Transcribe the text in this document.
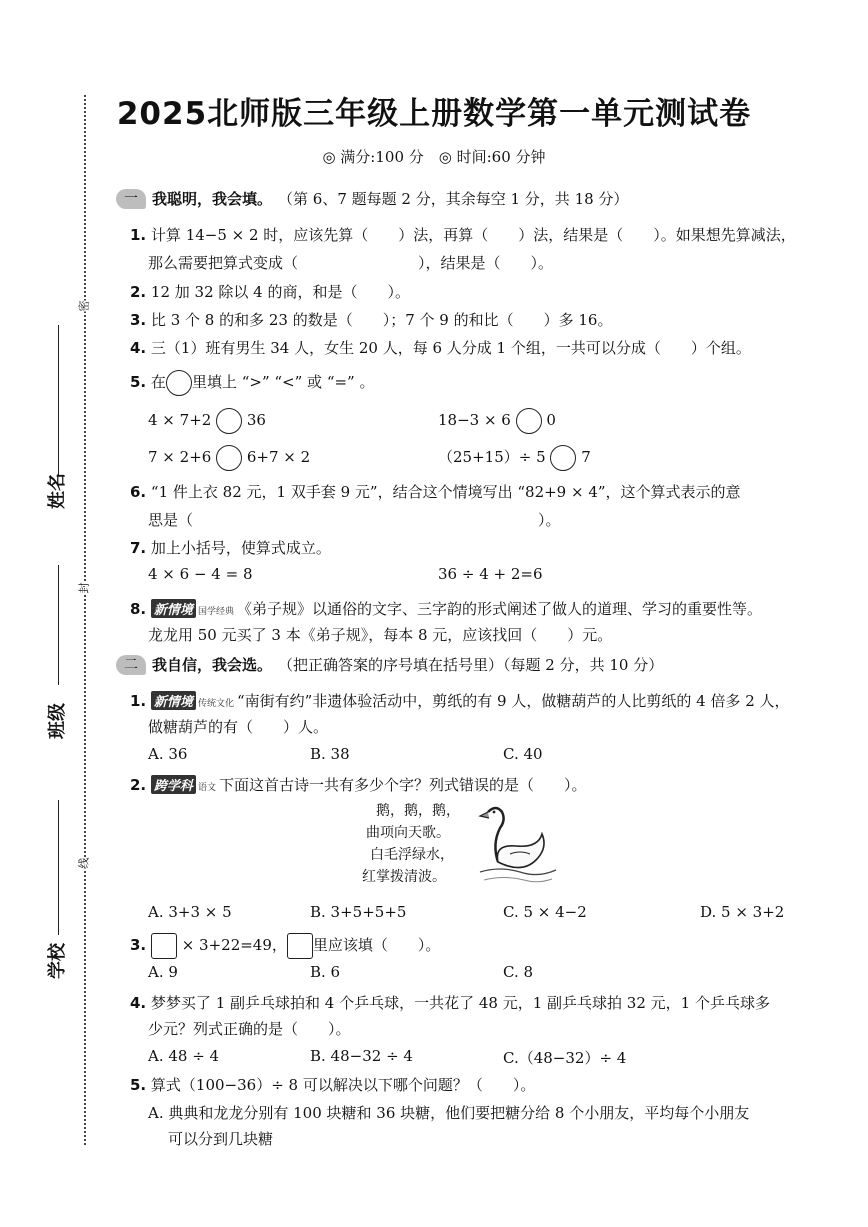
姓名
班级
学校
密
封
线
2025北师版三年级上册数学第一单元测试卷
◎ 满分:100 分　◎ 时间:60 分钟
一 我聪明，我会填。 （第 6、7 题每题 2 分，其余每空 1 分，共 18 分）
1. 计算 14−5 × 2 时，应该先算（　　）法，再算（　　）法，结果是（　　）。如果想先算减法，
那么需要把算式变成（　　　　　　　　），结果是（　　）。
2. 12 加 32 除以 4 的商，和是（　　）。
3. 比 3 个 8 的和多 23 的数是（　　）；7 个 9 的和比（　　）多 16。
4. 三（1）班有男生 34 人，女生 20 人，每 6 人分成 1 个组，一共可以分成（　　）个组。
5. 在 里填上 “>” “<” 或 “=” 。
4 × 7+2 36	18−3 × 6 0
7 × 2+6 6+7 × 2	（25+15）÷ 5 7
6. “1 件上衣 82 元，1 双手套 9 元”，结合这个情境写出 “82+9 × 4”，这个算式表示的意
思是（　　　　　　　　　　　　　　　　　　　　　　　）。
7. 加上小括号，使算式成立。
4 × 6 − 4 = 8	36 ÷ 4 + 2=6
8. 新情境 国学经典 《弟子规》以通俗的文字、三字韵的形式阐述了做人的道理、学习的重要性等。
龙龙用 50 元买了 3 本《弟子规》，每本 8 元，应该找回（　　）元。
二 我自信，我会选。 （把正确答案的序号填在括号里）（每题 2 分，共 10 分）
1. 新情境 传统文化 “南街有约”非遗体验活动中，剪纸的有 9 人，做糖葫芦的人比剪纸的 4 倍多 2 人，
做糖葫芦的有（　　）人。
A. 36	B. 38	C. 40
2. 跨学科 语文 下面这首古诗一共有多少个字？列式错误的是（　　）。
鹅，鹅，鹅，
曲项向天歌。
白毛浮绿水，
红掌拨清波。
A. 3+3 × 5	B. 3+5+5+5	C. 5 × 4−2	D. 5 × 3+2
3. × 3+22=49， 里应该填（　　）。
A. 9	B. 6	C. 8
4. 梦梦买了 1 副乒乓球拍和 4 个乒乓球，一共花了 48 元，1 副乒乓球拍 32 元，1 个乒乓球多
少元？列式正确的是（　　）。
A. 48 ÷ 4	B. 48−32 ÷ 4	C.（48−32）÷ 4
5. 算式（100−36）÷ 8 可以解决以下哪个问题？（　　）。
A. 典典和龙龙分别有 100 块糖和 36 块糖，他们要把糖分给 8 个小朋友，平均每个小朋友
可以分到几块糖
